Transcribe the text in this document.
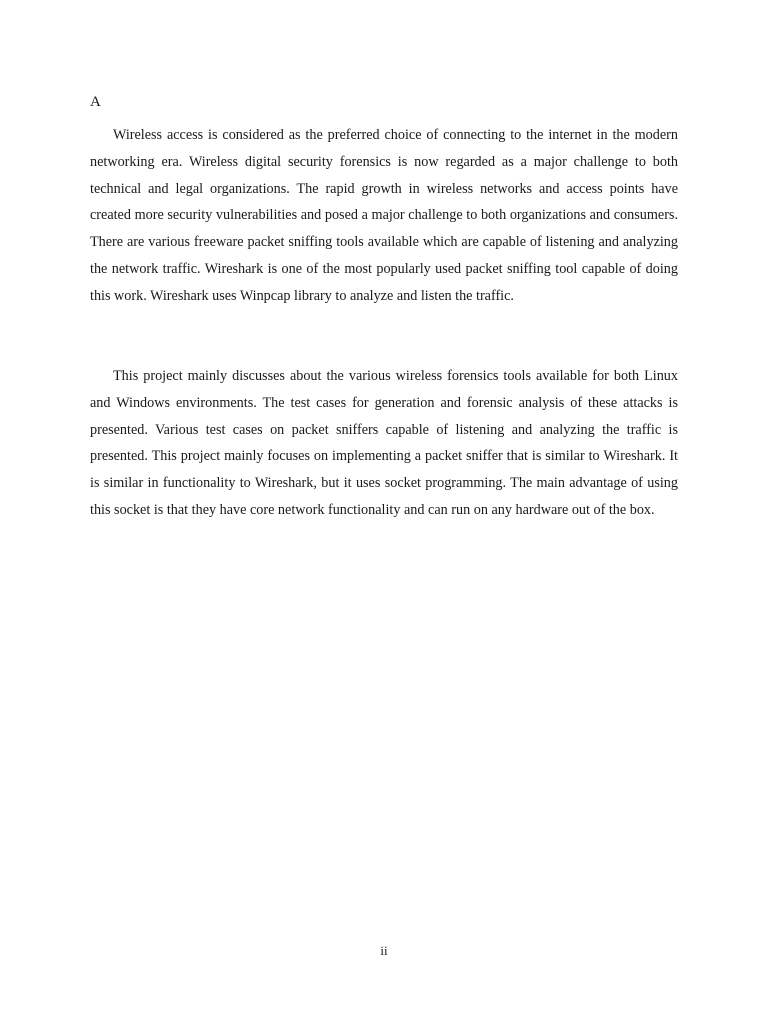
A

Wireless access is considered as the preferred choice of connecting to the internet in the modern networking era. Wireless digital security forensics is now regarded as a major challenge to both technical and legal organizations. The rapid growth in wireless networks and access points have created more security vulnerabilities and posed a major challenge to both organizations and consumers. There are various freeware packet sniffing tools available which are capable of listening and analyzing the network traffic. Wireshark is one of the most popularly used packet sniffing tool capable of doing this work. Wireshark uses Winpcap library to analyze and listen the traffic.

This project mainly discusses about the various wireless forensics tools available for both Linux and Windows environments. The test cases for generation and forensic analysis of these attacks is presented. Various test cases on packet sniffers capable of listening and analyzing the traffic is presented. This project mainly focuses on implementing a packet sniffer that is similar to Wireshark. It is similar in functionality to Wireshark, but it uses socket programming. The main advantage of using this socket is that they have core network functionality and can run on any hardware out of the box.

ii
